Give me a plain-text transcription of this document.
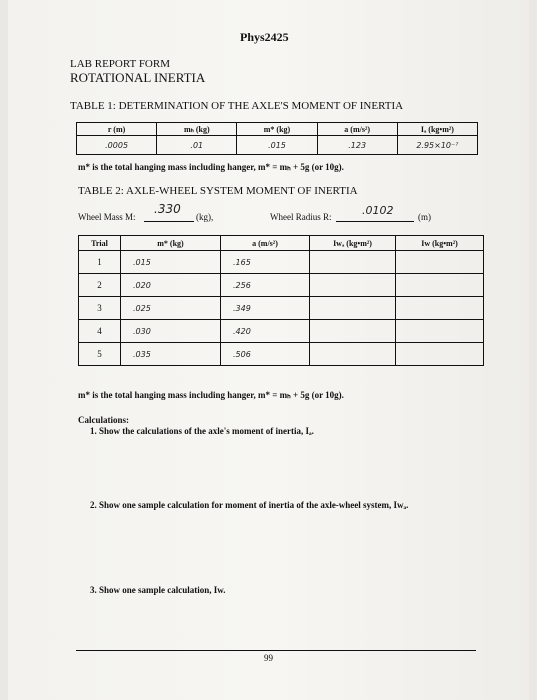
Phys2425
LAB REPORT FORM
ROTATIONAL INERTIA
TABLE 1: DETERMINATION OF THE AXLE'S MOMENT OF INERTIA
r (m)	mₕ (kg)	m* (kg)	a (m/s²)	Iₐ (kg•m²)
.0005	.01	.015	.123	2.95×10⁻⁷
m* is the total hanging mass including hanger, m* = mₕ + 5g (or 10g).
TABLE 2: AXLE-WHEEL SYSTEM MOMENT OF INERTIA
Wheel Mass M:
.330
(kg),	Wheel Radius R:	.0102	(m)
Trial	m* (kg)	a (m/s²)	Iwₐ (kg•m²)	Iw (kg•m²)
1	.015	.165		
2	.020	.256		
3	.025	.349		
4	.030	.420		
5	.035	.506		
m* is the total hanging mass including hanger, m* = mₕ + 5g (or 10g).
Calculations:
1. Show the calculations of the axle's moment of inertia, Iₐ.
2. Show one sample calculation for moment of inertia of the axle-wheel system, Iwₐ.
3. Show one sample calculation, Iw.
99
